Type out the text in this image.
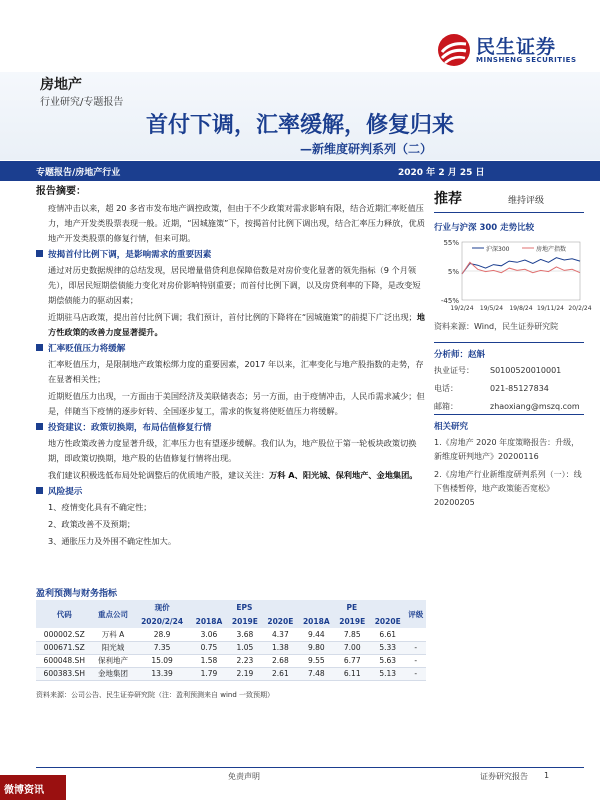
民生证券
MINSHENG SECURITIES
房地产
行业研究/专题报告
首付下调，汇率缓解，修复归来
—新维度研判系列（二）
专题报告/房地产行业	2020 年 2 月 25 日
报告摘要：
疫情冲击以来，超 20 多省市发布地产调控政策，但由于不少政策对需求影响有限，结合近期汇率贬值压力，地产开发类股票表现一般。近期，“因城施策”下，按揭首付比例下调出现，结合汇率压力释放，优质地产开发类股票的修复行情，但来可期。
按揭首付比例下调，是影响需求的重要因素
通过对历史数据规律的总结发现，居民增量借贷利息保障倍数是对房价变化显著的领先指标（9 个月领先），即居民短期偿债能力变化对房价影响特别重要；而首付比例下调，以及房贷利率的下降，是改变短期偿债能力的驱动因素；
近期驻马店政策，提出首付比例下调；我们预计，首付比例的下降将在“因城施策”的前提下广泛出现；地方性政策的改善力度显著提升。
汇率贬值压力将缓解
汇率贬值压力，是限制地产政策松绑力度的重要因素，2017 年以来，汇率变化与地产股指数的走势，存在显著相关性；
近期贬值压力出现，一方面由于美国经济及美联储表态；另一方面，由于疫情冲击，人民币需求减少；但是，伴随当下疫情的逐步好转、全国逐步复工，需求的恢复将使贬值压力将缓解。
投资建议：政策切换期，布局估值修复行情
地方性政策改善力度显著升级，汇率压力也有望逐步缓解。我们认为，地产股位于第一轮板块政策切换期，即政策切换期，地产股的估值修复行情将出现。
我们建议积极选低布局处轮调整后的优质地产股，建议关注：万科 A、阳光城、保利地产、金地集团。
风险提示
1、疫情变化具有不确定性；
2、政策改善不及预期；
3、通胀压力及外围不确定性加大。
推荐	维持评级
行业与沪深 300 走势比较
55%
5%
-45%
19/2/24 19/5/24 19/8/24 19/11/24 20/2/24
沪深300	房地产指数
资料来源：Wind，民生证券研究院
分析师：赵斛
执业证号： S0100520010001
电话：	021-85127834
邮箱：	zhaoxiang@mszq.com
相关研究
1.《房地产 2020 年度策略报告：升级，新维度研判地产》20200116
2.《房地产行业新维度研判系列（一）：线下售楼暂停，地产政策能否宽松》20200205
盈利预测与财务指标
代码	重点公司	现价	EPS			PE			评级
		2020/2/24	2018A	2019E	2020E	2018A	2019E	2020E	
000002.SZ	万科 A	28.9	3.06	3.68	4.37	9.44	7.85	6.61	
000671.SZ	阳光城	7.35	0.75	1.05	1.38	9.80	7.00	5.33	-
600048.SH	保利地产	15.09	1.58	2.23	2.68	9.55	6.77	5.63	-
600383.SH	金地集团	13.39	1.79	2.19	2.61	7.48	6.11	5.13	-
资料来源：公司公告、民生证券研究院（注：盈利预测来自 wind 一致预期）
微博资讯
免责声明	证券研究报告 1
